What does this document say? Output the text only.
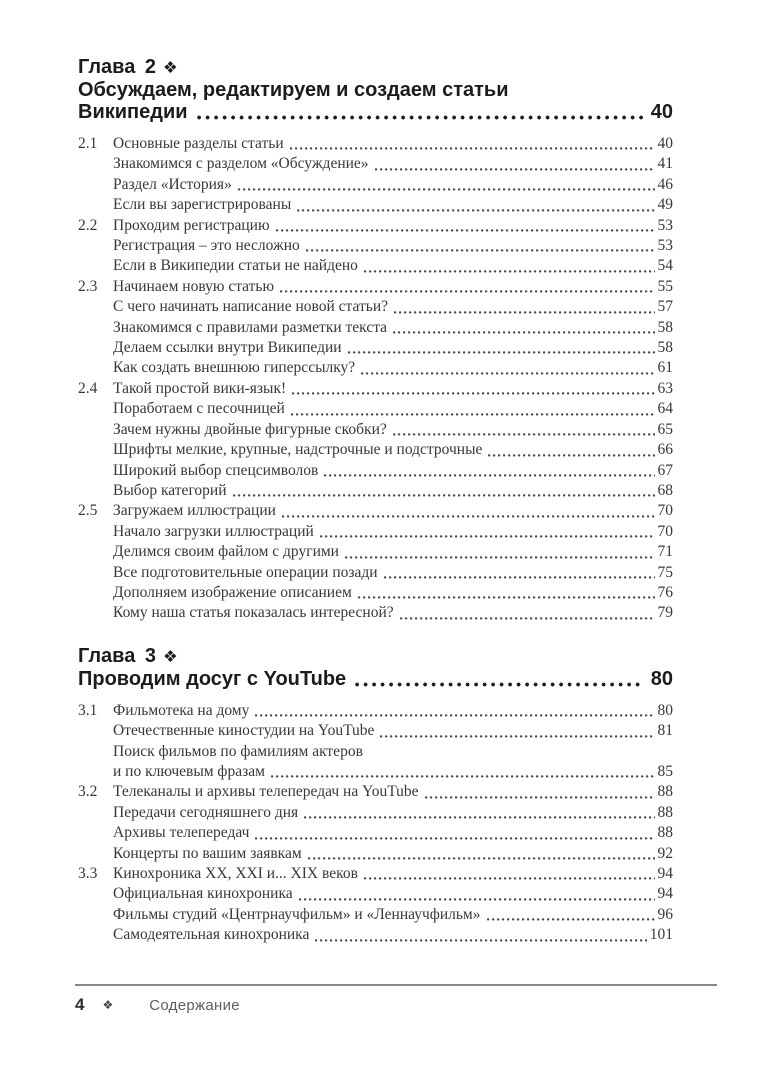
Глава 2 ❖
Обсуждаем, редактируем и создаем статьи
Википедии	40
2.1	Основные разделы статьи	40
Знакомимся с разделом «Обсуждение»	41
Раздел «История»	46
Если вы зарегистрированы	49
2.2	Проходим регистрацию	53
Регистрация – это несложно	53
Если в Википедии статьи не найдено	54
2.3	Начинаем новую статью	55
С чего начинать написание новой статьи?	57
Знакомимся с правилами разметки текста	58
Делаем ссылки внутри Википедии	58
Как создать внешнюю гиперссылку?	61
2.4	Такой простой вики-язык!	63
Поработаем с песочницей	64
Зачем нужны двойные фигурные скобки?	65
Шрифты мелкие, крупные, надстрочные и подстрочные	66
Широкий выбор спецсимволов	67
Выбор категорий	68
2.5	Загружаем иллюстрации	70
Начало загрузки иллюстраций	70
Делимся своим файлом с другими	71
Все подготовительные операции позади	75
Дополняем изображение описанием	76
Кому наша статья показалась интересной?	79
Глава 3 ❖
Проводим досуг с YouTube	80
3.1	Фильмотека на дому	80
Отечественные киностудии на YouTube	81
Поиск фильмов по фамилиям актеров
и по ключевым фразам	85
3.2	Телеканалы и архивы телепередач на YouTube	88
Передачи сегодняшнего дня	88
Архивы телепередач	88
Концерты по вашим заявкам	92
3.3	Кинохроника XX, XXI и... XIX веков	94
Официальная кинохроника	94
Фильмы студий «Центрнаучфильм» и «Леннаучфильм»	96
Самодеятельная кинохроника	101
4 ❖ Содержание
